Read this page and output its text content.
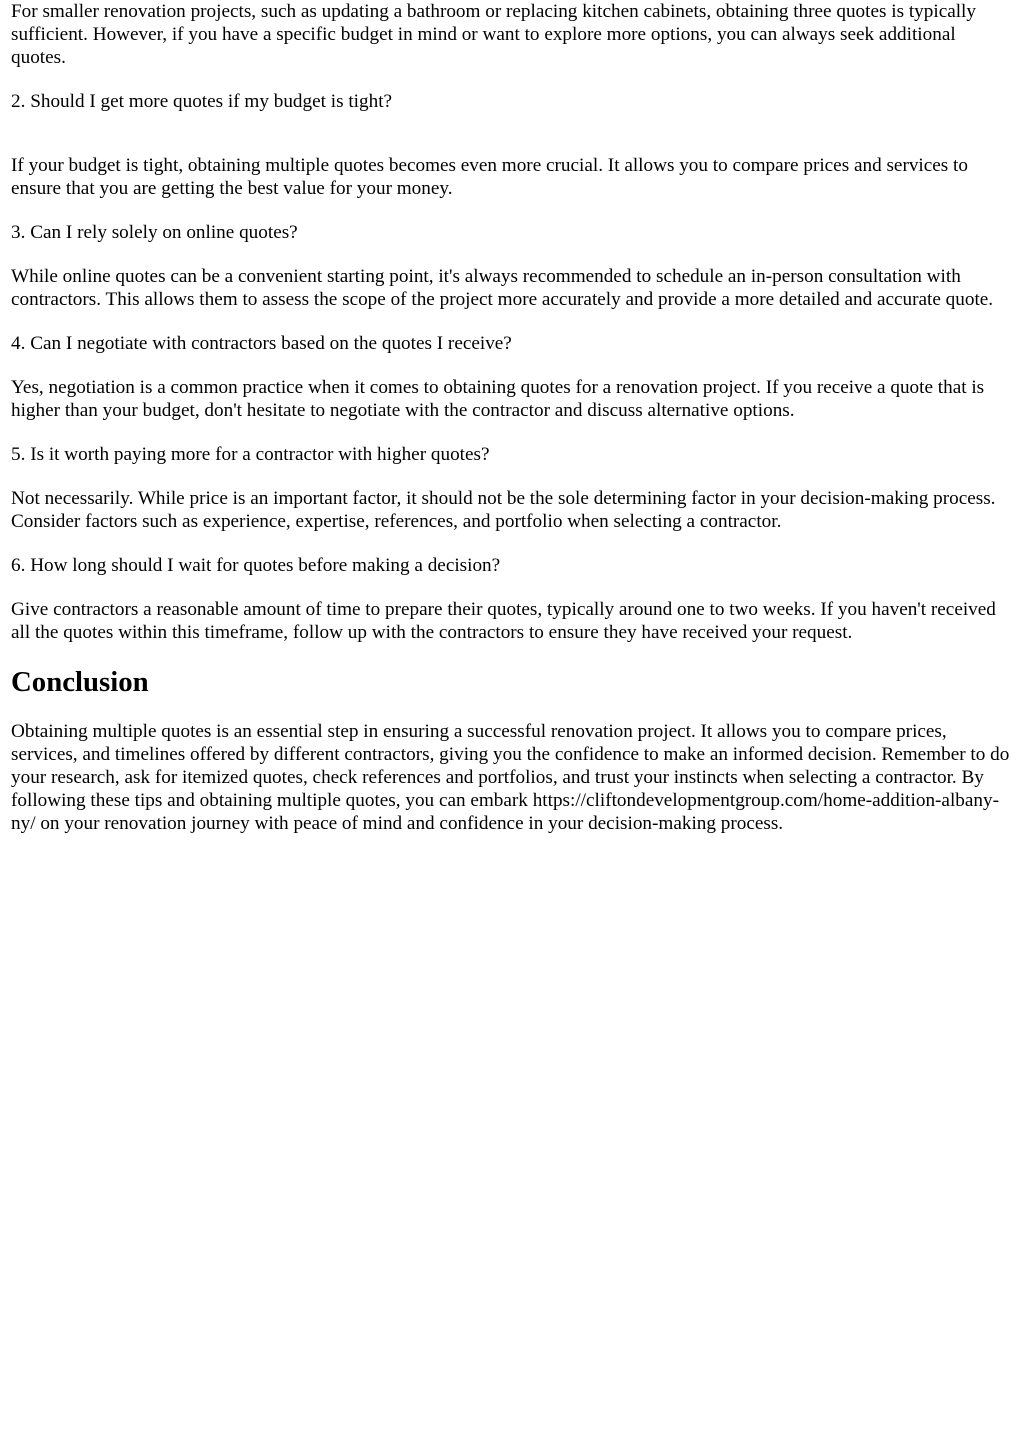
For smaller renovation projects, such as updating a bathroom or replacing kitchen cabinets, obtaining three quotes is typically sufficient. However, if you have a specific budget in mind or want to explore more options, you can always seek additional quotes.

2. Should I get more quotes if my budget is tight?

If your budget is tight, obtaining multiple quotes becomes even more crucial. It allows you to compare prices and services to ensure that you are getting the best value for your money.

3. Can I rely solely on online quotes?

While online quotes can be a convenient starting point, it's always recommended to schedule an in-person consultation with contractors. This allows them to assess the scope of the project more accurately and provide a more detailed and accurate quote.

4. Can I negotiate with contractors based on the quotes I receive?

Yes, negotiation is a common practice when it comes to obtaining quotes for a renovation project. If you receive a quote that is higher than your budget, don't hesitate to negotiate with the contractor and discuss alternative options.

5. Is it worth paying more for a contractor with higher quotes?

Not necessarily. While price is an important factor, it should not be the sole determining factor in your decision-making process. Consider factors such as experience, expertise, references, and portfolio when selecting a contractor.

6. How long should I wait for quotes before making a decision?

Give contractors a reasonable amount of time to prepare their quotes, typically around one to two weeks. If you haven't received all the quotes within this timeframe, follow up with the contractors to ensure they have received your request.

Conclusion

Obtaining multiple quotes is an essential step in ensuring a successful renovation project. It allows you to compare prices, services, and timelines offered by different contractors, giving you the confidence to make an informed decision. Remember to do your research, ask for itemized quotes, check references and portfolios, and trust your instincts when selecting a contractor. By following these tips and obtaining multiple quotes, you can embark https://cliftondevelopmentgroup.com/home-addition-albany-ny/ on your renovation journey with peace of mind and confidence in your decision-making process.
